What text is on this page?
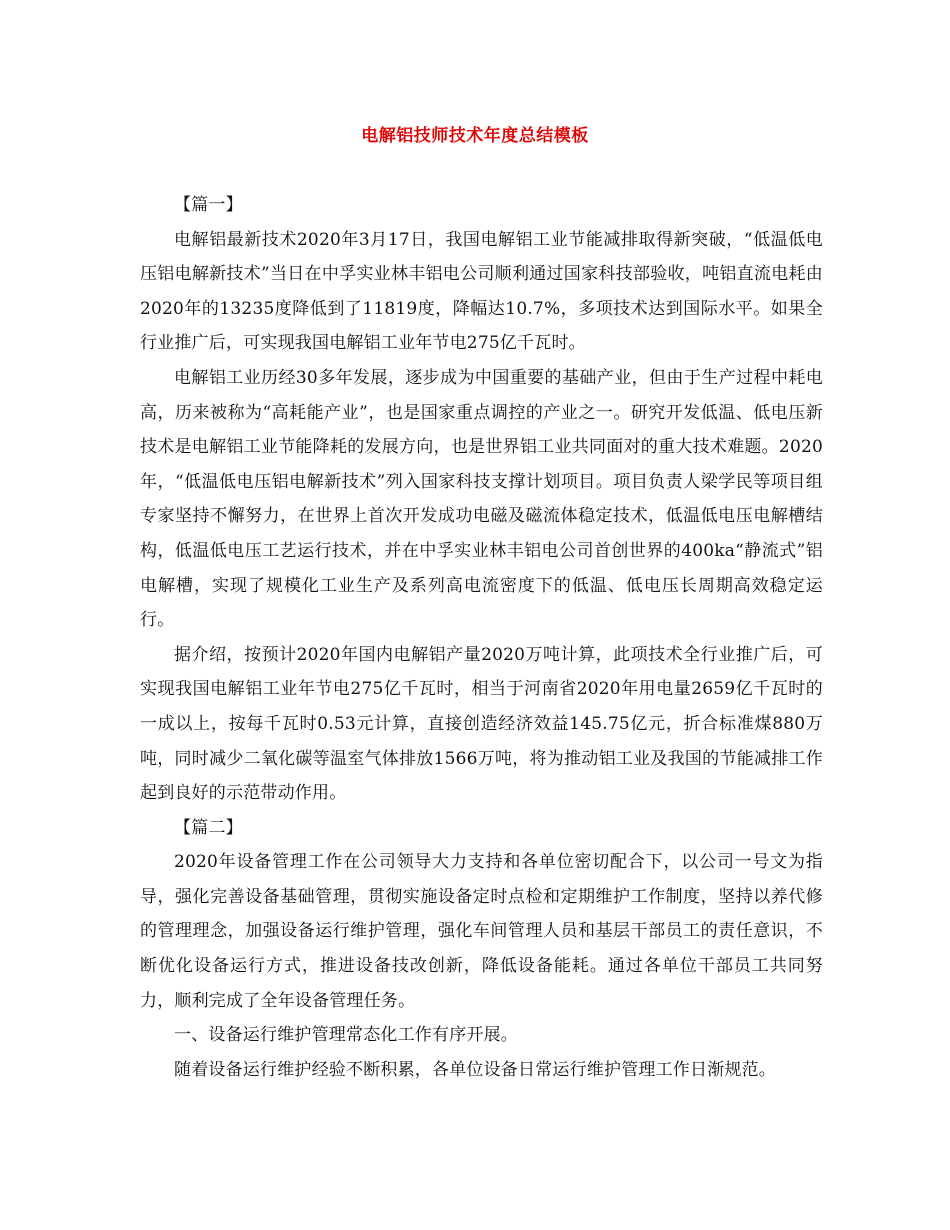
电解铝技师技术年度总结模板
【篇一】

电解铝最新技术2020年3月17日，我国电解铝工业节能减排取得新突破，“低温低电压铝电解新技术”当日在中孚实业林丰铝电公司顺利通过国家科技部验收，吨铝直流电耗由2020年的13235度降低到了11819度，降幅达10.7%，多项技术达到国际水平。如果全行业推广后，可实现我国电解铝工业年节电275亿千瓦时。

电解铝工业历经30多年发展，逐步成为中国重要的基础产业，但由于生产过程中耗电高，历来被称为“高耗能产业”，也是国家重点调控的产业之一。研究开发低温、低电压新技术是电解铝工业节能降耗的发展方向，也是世界铝工业共同面对的重大技术难题。2020年，“低温低电压铝电解新技术”列入国家科技支撑计划项目。项目负责人梁学民等项目组专家坚持不懈努力，在世界上首次开发成功电磁及磁流体稳定技术，低温低电压电解槽结构，低温低电压工艺运行技术，并在中孚实业林丰铝电公司首创世界的400ka“静流式”铝电解槽，实现了规模化工业生产及系列高电流密度下的低温、低电压长周期高效稳定运行。

据介绍，按预计2020年国内电解铝产量2020万吨计算，此项技术全行业推广后，可实现我国电解铝工业年节电275亿千瓦时，相当于河南省2020年用电量2659亿千瓦时的一成以上，按每千瓦时0.53元计算，直接创造经济效益145.75亿元，折合标准煤880万吨，同时减少二氧化碳等温室气体排放1566万吨，将为推动铝工业及我国的节能减排工作起到良好的示范带动作用。

【篇二】

2020年设备管理工作在公司领导大力支持和各单位密切配合下，以公司一号文为指导，强化完善设备基础管理，贯彻实施设备定时点检和定期维护工作制度，坚持以养代修的管理理念，加强设备运行维护管理，强化车间管理人员和基层干部员工的责任意识，不断优化设备运行方式，推进设备技改创新，降低设备能耗。通过各单位干部员工共同努力，顺利完成了全年设备管理任务。

一、设备运行维护管理常态化工作有序开展。

随着设备运行维护经验不断积累，各单位设备日常运行维护管理工作日渐规范。
